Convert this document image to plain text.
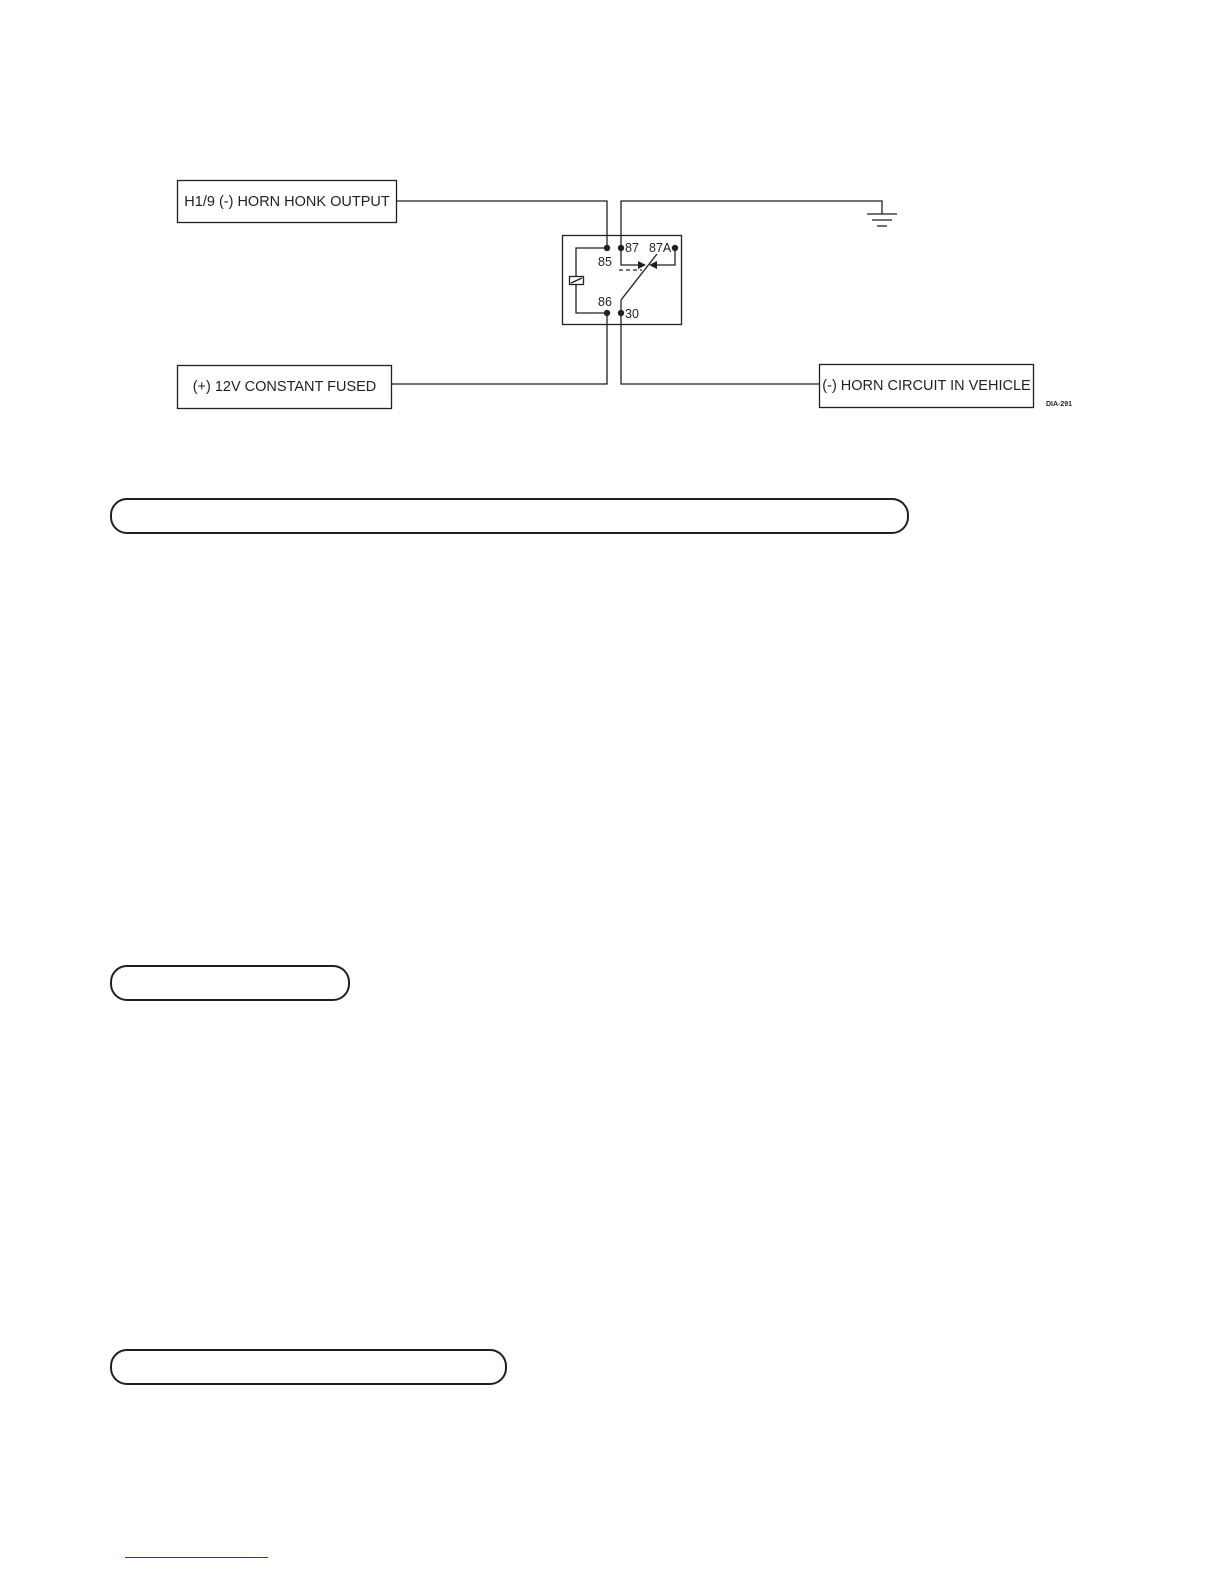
H1/9 (-) HORN HONK OUTPUT
(+) 12V CONSTANT FUSED	(-) HORN CIRCUIT IN VEHICLE
85
87 87A
86
30
DIA-291
